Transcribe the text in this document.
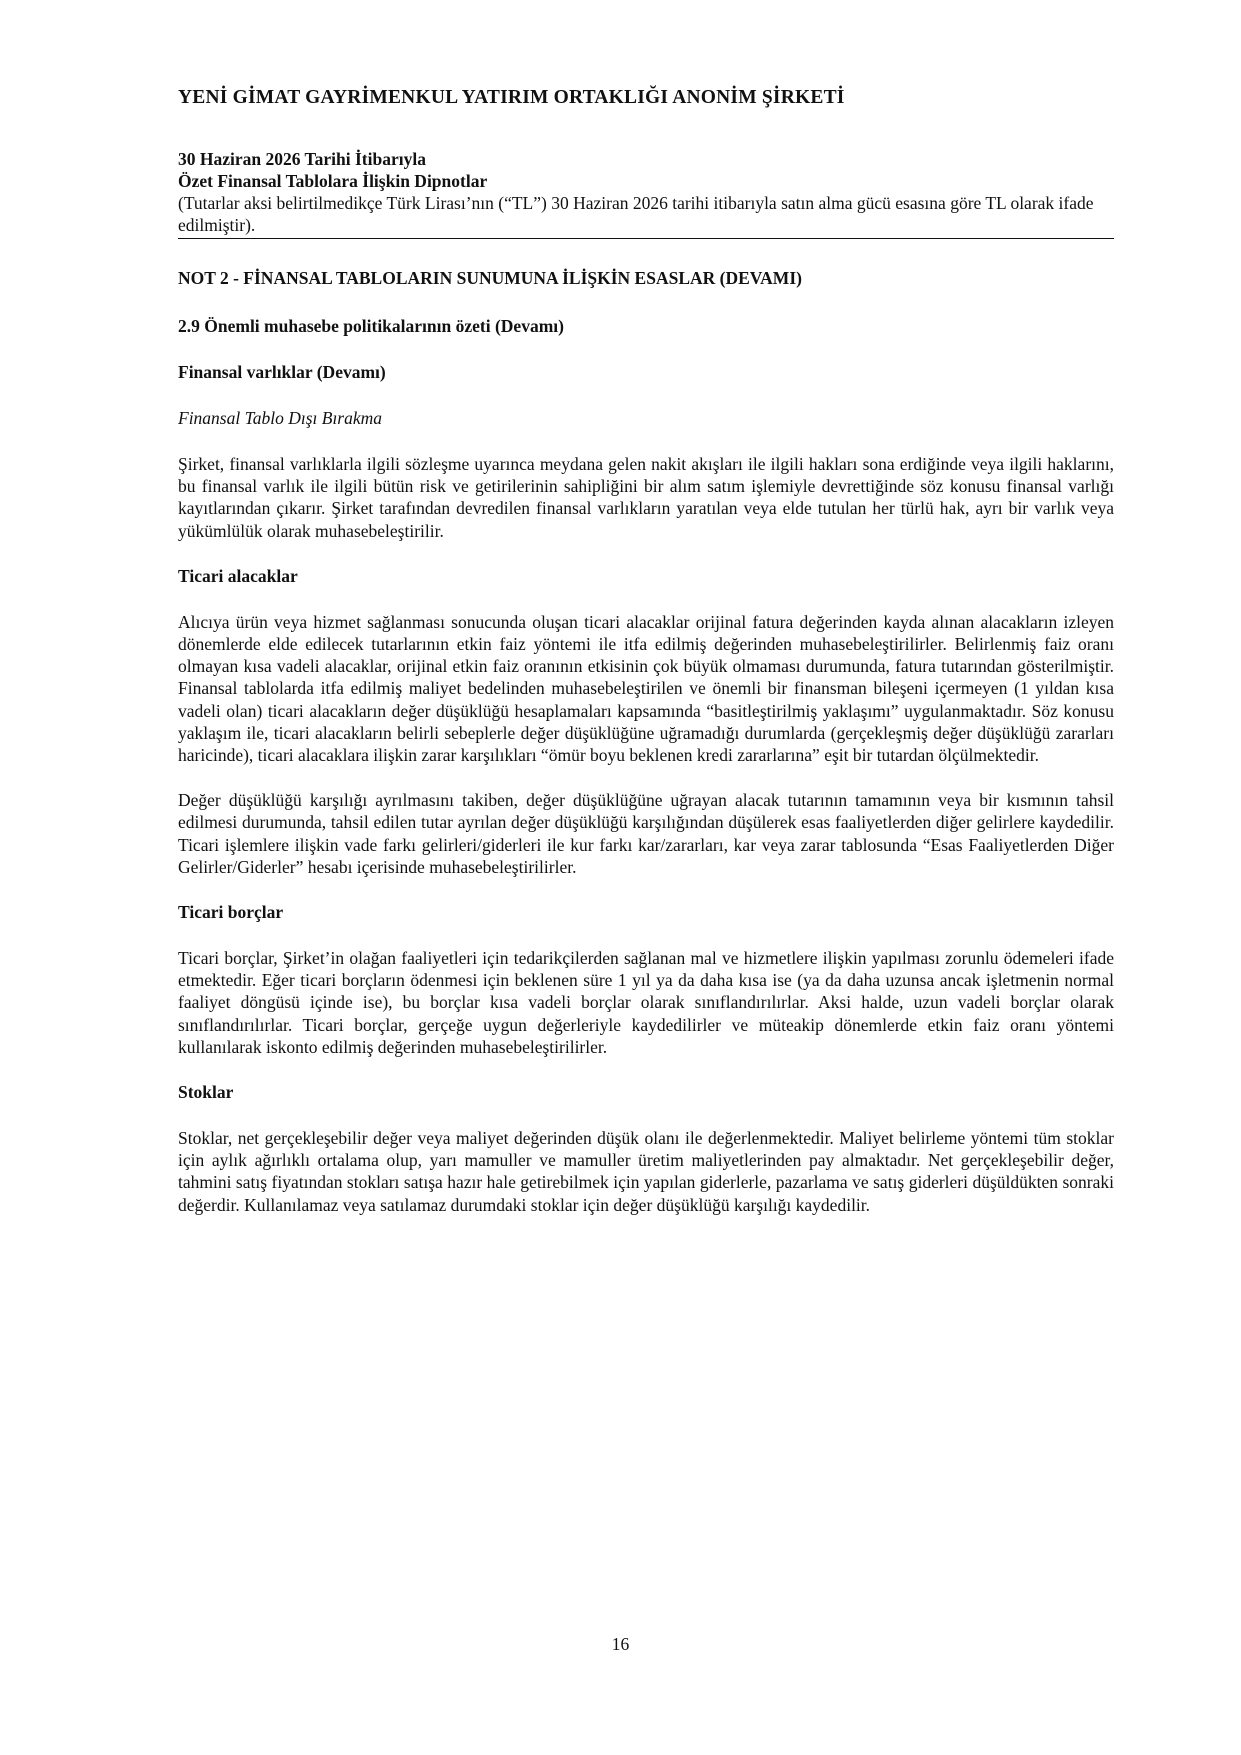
YENİ GİMAT GAYRİMENKUL YATIRIM ORTAKLIĞI ANONİM ŞİRKETİ
30 Haziran 2026 Tarihi İtibarıyla
Özet Finansal Tablolara İlişkin Dipnotlar
(Tutarlar aksi belirtilmedikçe Türk Lirası’nın (“TL”) 30 Haziran 2026 tarihi itibarıyla satın alma gücü esasına göre TL olarak ifade edilmiştir).
NOT 2 - FİNANSAL TABLOLARIN SUNUMUNA İLİŞKİN ESASLAR (DEVAMI)
2.9 Önemli muhasebe politikalarının özeti (Devamı)
Finansal varlıklar (Devamı)
Finansal Tablo Dışı Bırakma

Şirket, finansal varlıklarla ilgili sözleşme uyarınca meydana gelen nakit akışları ile ilgili hakları sona erdiğinde veya ilgili haklarını, bu finansal varlık ile ilgili bütün risk ve getirilerinin sahipliğini bir alım satım işlemiyle devrettiğinde söz konusu finansal varlığı kayıtlarından çıkarır. Şirket tarafından devredilen finansal varlıkların yaratılan veya elde tutulan her türlü hak, ayrı bir varlık veya yükümlülük olarak muhasebeleştirilir.

Ticari alacaklar

Alıcıya ürün veya hizmet sağlanması sonucunda oluşan ticari alacaklar orijinal fatura değerinden kayda alınan alacakların izleyen dönemlerde elde edilecek tutarlarının etkin faiz yöntemi ile itfa edilmiş değerinden muhasebeleştirilirler. Belirlenmiş faiz oranı olmayan kısa vadeli alacaklar, orijinal etkin faiz oranının etkisinin çok büyük olmaması durumunda, fatura tutarından gösterilmiştir. Finansal tablolarda itfa edilmiş maliyet bedelinden muhasebeleştirilen ve önemli bir finansman bileşeni içermeyen (1 yıldan kısa vadeli olan) ticari alacakların değer düşüklüğü hesaplamaları kapsamında “basitleştirilmiş yaklaşımı” uygulanmaktadır. Söz konusu yaklaşım ile, ticari alacakların belirli sebeplerle değer düşüklüğüne uğramadığı durumlarda (gerçekleşmiş değer düşüklüğü zararları haricinde), ticari alacaklara ilişkin zarar karşılıkları “ömür boyu beklenen kredi zararlarına” eşit bir tutardan ölçülmektedir.

Değer düşüklüğü karşılığı ayrılmasını takiben, değer düşüklüğüne uğrayan alacak tutarının tamamının veya bir kısmının tahsil edilmesi durumunda, tahsil edilen tutar ayrılan değer düşüklüğü karşılığından düşülerek esas faaliyetlerden diğer gelirlere kaydedilir. Ticari işlemlere ilişkin vade farkı gelirleri/giderleri ile kur farkı kar/zararları, kar veya zarar tablosunda “Esas Faaliyetlerden Diğer Gelirler/Giderler” hesabı içerisinde muhasebeleştirilirler.

Ticari borçlar

Ticari borçlar, Şirket’in olağan faaliyetleri için tedarikçilerden sağlanan mal ve hizmetlere ilişkin yapılması zorunlu ödemeleri ifade etmektedir. Eğer ticari borçların ödenmesi için beklenen süre 1 yıl ya da daha kısa ise (ya da daha uzunsa ancak işletmenin normal faaliyet döngüsü içinde ise), bu borçlar kısa vadeli borçlar olarak sınıflandırılırlar. Aksi halde, uzun vadeli borçlar olarak sınıflandırılırlar. Ticari borçlar, gerçeğe uygun değerleriyle kaydedilirler ve müteakip dönemlerde etkin faiz oranı yöntemi kullanılarak iskonto edilmiş değerinden muhasebeleştirilirler.

Stoklar

Stoklar, net gerçekleşebilir değer veya maliyet değerinden düşük olanı ile değerlenmektedir. Maliyet belirleme yöntemi tüm stoklar için aylık ağırlıklı ortalama olup, yarı mamuller ve mamuller üretim maliyetlerinden pay almaktadır. Net gerçekleşebilir değer, tahmini satış fiyatından stokları satışa hazır hale getirebilmek için yapılan giderlerle, pazarlama ve satış giderleri düşüldükten sonraki değerdir. Kullanılamaz veya satılamaz durumdaki stoklar için değer düşüklüğü karşılığı kaydedilir.

16
